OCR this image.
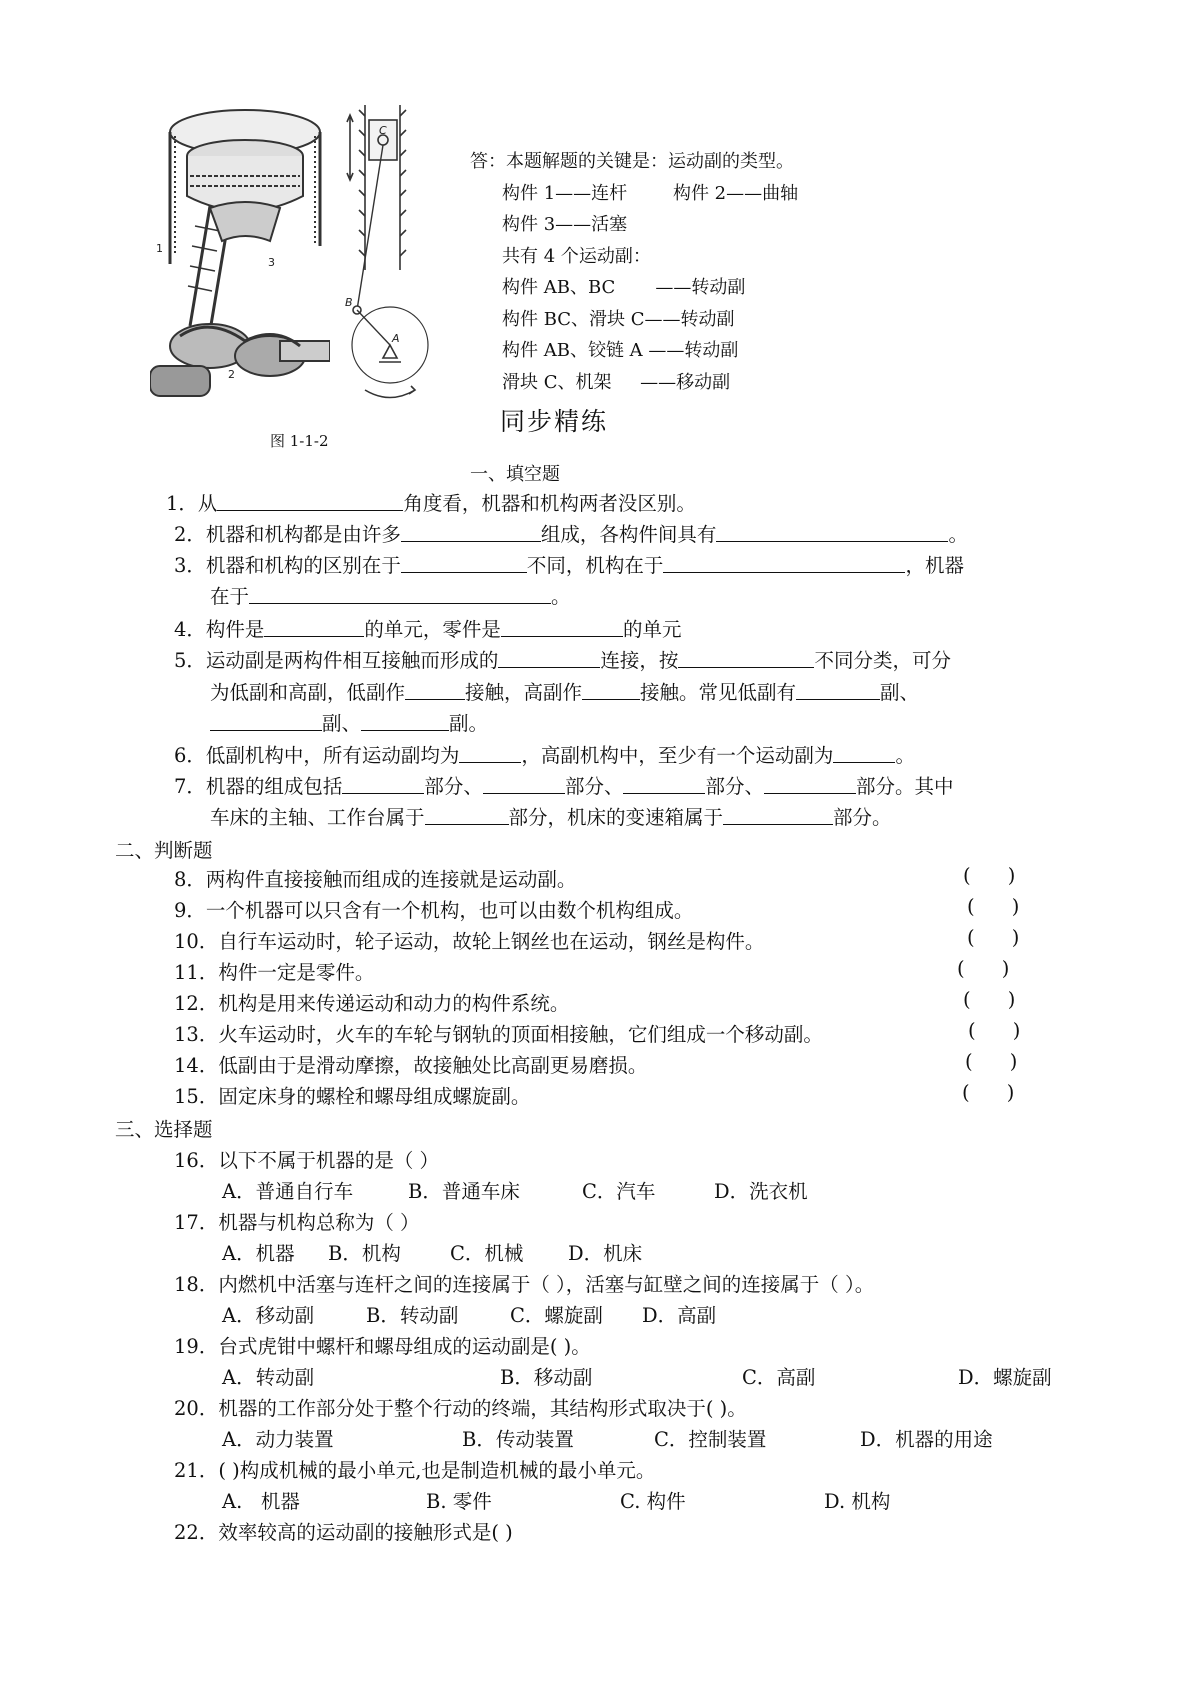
1
2
3
C
B
A
图 1-1-2
答：本题解题的关键是：运动副的类型。
构件 1——连杆        构件 2——曲轴
构件 3——活塞
共有 4 个运动副：
构件 AB、BC       ——转动副
构件 BC、滑块 C——转动副
构件 AB、铰链 A ——转动副
滑块 C、机架     ——移动副
同步精练
一、填空题
1．从	角度看，机器和机构两者没区别。
2．机器和机构都是由许多	组成，各构件间具有	。
3．机器和机构的区别在于	不同，机构在于	，机器
在于	。
4．构件是	的单元，零件是	的单元
5．运动副是两构件相互接触而形成的	连接，按	不同分类，可分
为低副和高副，低副作	接触，高副作	接触。常见低副有	副、
副、	副。
6．低副机构中，所有运动副均为	，高副机构中，至少有一个运动副为	。
7．机器的组成包括	部分、	部分、	部分、	部分。其中
车床的主轴、工作台属于	部分，机床的变速箱属于	部分。
二、判断题
8．两构件直接接触而组成的连接就是运动副。	(      )
9．一个机器可以只含有一个机构，也可以由数个机构组成。	(      )
10．自行车运动时，轮子运动，故轮上钢丝也在运动，钢丝是构件。	(      )
11．构件一定是零件。	(      )
12．机构是用来传递运动和动力的构件系统。	(      )
13．火车运动时，火车的车轮与钢轨的顶面相接触，它们组成一个移动副。	(      )
14．低副由于是滑动摩擦，故接触处比高副更易磨损。	(      )
15．固定床身的螺栓和螺母组成螺旋副。	(      )
三、选择题
16．以下不属于机器的是（ ）
A．普通自行车	B．普通车床	C．汽车	D．洗衣机
17．机器与机构总称为（ ）
A．机器 B．机构	C．机械 D．机床
18．内燃机中活塞与连杆之间的连接属于（ ），活塞与缸壁之间的连接属于（ ）。
A．移动副	B．转动副	C．螺旋副 D．高副
19．台式虎钳中螺杆和螺母组成的运动副是( )。
A．转动副	B．移动副	C．高副	D．螺旋副
20．机器的工作部分处于整个行动的终端，其结构形式取决于( )。
A．动力装置	B．传动装置	C．控制装置	D．机器的用途
21．( )构成机械的最小单元,也是制造机械的最小单元。
A.   机器	B. 零件	C. 构件	D. 机构
22．效率较高的运动副的接触形式是( )
